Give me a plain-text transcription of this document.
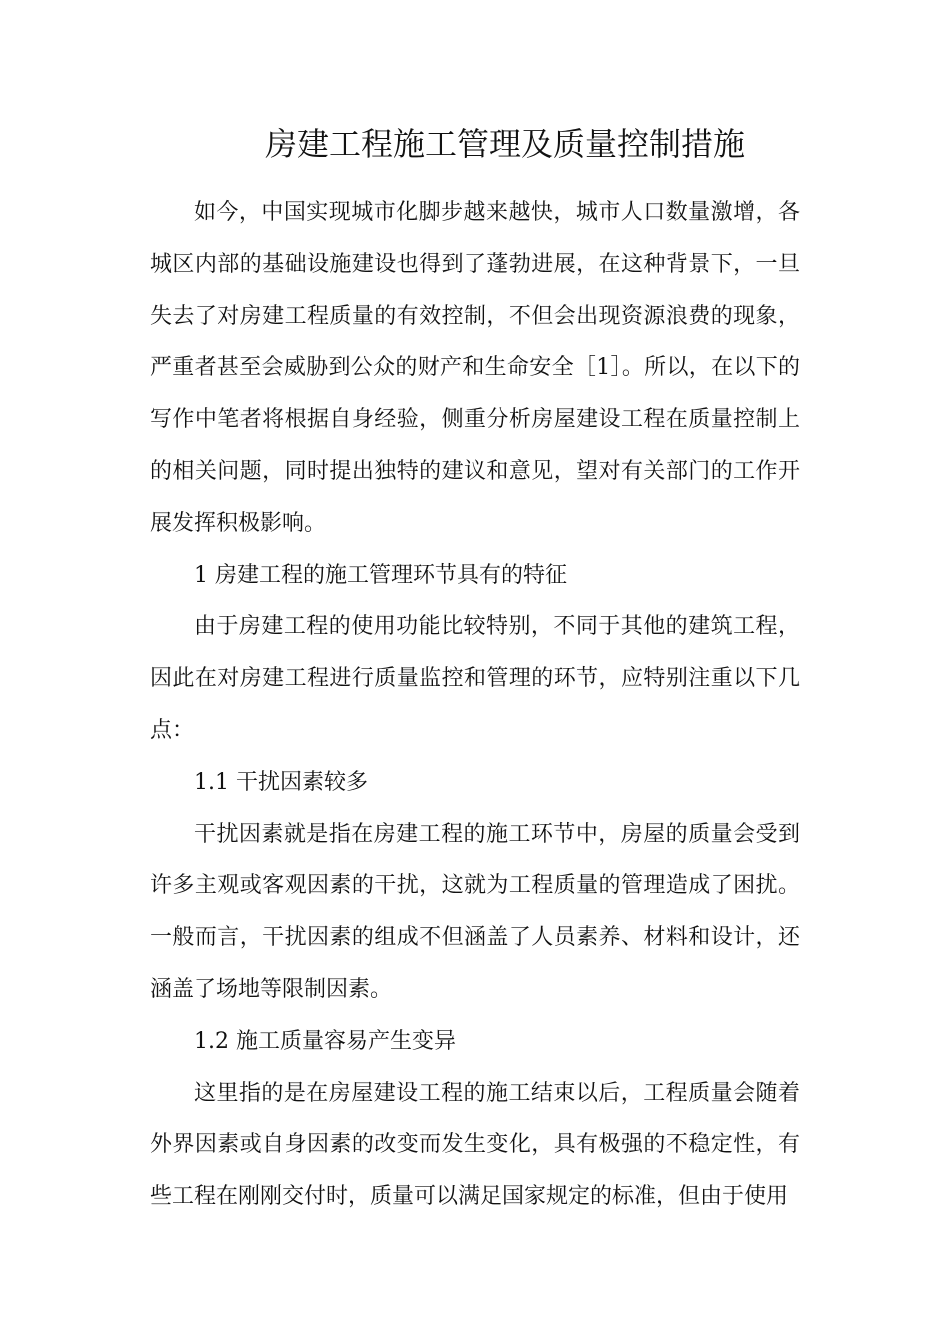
房建工程施工管理及质量控制措施

如今，中国实现城市化脚步越来越快，城市人口数量激增，各城区内部的基础设施建设也得到了蓬勃进展，在这种背景下，一旦失去了对房建工程质量的有效控制，不但会出现资源浪费的现象，严重者甚至会威胁到公众的财产和生命安全［1］。所以，在以下的写作中笔者将根据自身经验，侧重分析房屋建设工程在质量控制上的相关问题，同时提出独特的建议和意见，望对有关部门的工作开展发挥积极影响。

1 房建工程的施工管理环节具有的特征

由于房建工程的使用功能比较特别，不同于其他的建筑工程，因此在对房建工程进行质量监控和管理的环节，应特别注重以下几点：

1.1 干扰因素较多

干扰因素就是指在房建工程的施工环节中，房屋的质量会受到许多主观或客观因素的干扰，这就为工程质量的管理造成了困扰。一般而言，干扰因素的组成不但涵盖了人员素养、材料和设计，还涵盖了场地等限制因素。

1.2 施工质量容易产生变异

这里指的是在房屋建设工程的施工结束以后，工程质量会随着外界因素或自身因素的改变而发生变化，具有极强的不稳定性，有些工程在刚刚交付时，质量可以满足国家规定的标准，但由于使用
